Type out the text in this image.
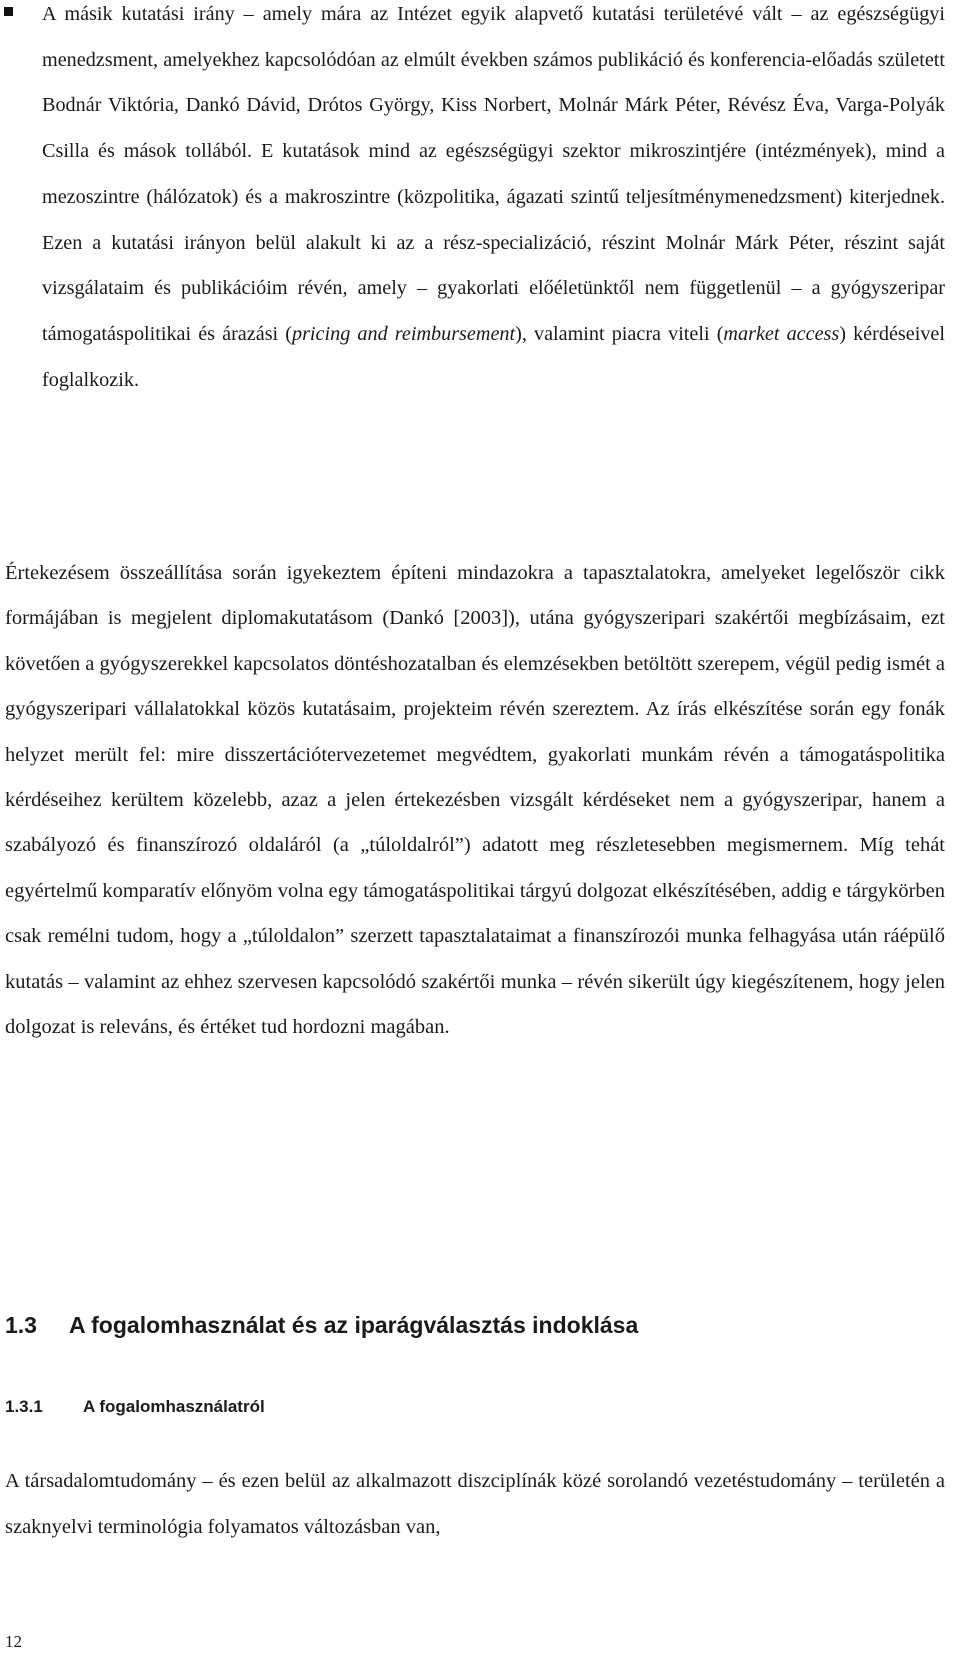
A másik kutatási irány – amely mára az Intézet egyik alapvető kutatási területévé vált – az egészségügyi menedzsment, amelyekhez kapcsolódóan az elmúlt években számos publikáció és konferencia-előadás született Bodnár Viktória, Dankó Dávid, Drótos György, Kiss Norbert, Molnár Márk Péter, Révész Éva, Varga-Polyák Csilla és mások tollából. E kutatások mind az egészségügyi szektor mikroszintjére (intézmények), mind a mezoszintre (hálózatok) és a makroszintre (közpolitika, ágazati szintű teljesítménymenedzsment) kiterjednek. Ezen a kutatási irányon belül alakult ki az a rész-specializáció, részint Molnár Márk Péter, részint saját vizsgálataim és publikációim révén, amely – gyakorlati előéletünktől nem függetlenül – a gyógyszeripar támogatáspolitikai és árazási (pricing and reimbursement), valamint piacra viteli (market access) kérdéseivel foglalkozik.

Értekezésem összeállítása során igyekeztem építeni mindazokra a tapasztalatokra, amelyeket legelőször cikk formájában is megjelent diplomakutatásom (Dankó [2003]), utána gyógyszeripari szakértői megbízásaim, ezt követően a gyógyszerekkel kapcsolatos döntéshozatalban és elemzésekben betöltött szerepem, végül pedig ismét a gyógyszeripari vállalatokkal közös kutatásaim, projekteim révén szereztem. Az írás elkészítése során egy fonák helyzet merült fel: mire disszertációtervezetemet megvédtem, gyakorlati munkám révén a támogatáspolitika kérdéseihez kerültem közelebb, azaz a jelen értekezésben vizsgált kérdéseket nem a gyógyszeripar, hanem a szabályozó és finanszírozó oldaláról (a „túloldalról”) adatott meg részletesebben megismernem. Míg tehát egyértelmű komparatív előnyöm volna egy támogatáspolitikai tárgyú dolgozat elkészítésében, addig e tárgykörben csak remélni tudom, hogy a „túloldalon” szerzett tapasztalataimat a finanszírozói munka felhagyása után ráépülő kutatás – valamint az ehhez szervesen kapcsolódó szakértői munka – révén sikerült úgy kiegészítenem, hogy jelen dolgozat is releváns, és értéket tud hordozni magában.

1.3 A fogalomhasználat és az iparágválasztás indoklása
1.3.1 A fogalomhasználatról

A társadalomtudomány – és ezen belül az alkalmazott diszciplínák közé sorolandó vezetéstudomány – területén a szaknyelvi terminológia folyamatos változásban van,

12
